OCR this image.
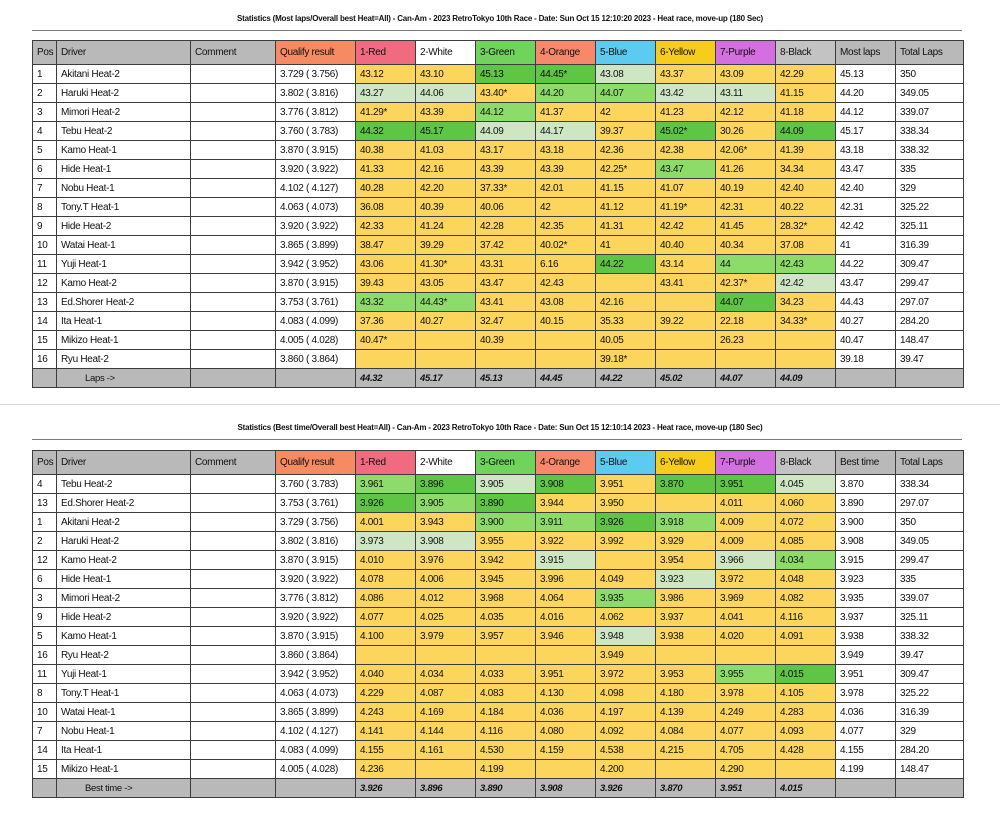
Statistics (Most laps/Overall best Heat=All) - Can-Am - 2023 RetroTokyo 10th Race - Date: Sun Oct 15 12:10:20 2023 - Heat race, move-up (180 Sec)
Pos	Driver	Comment	Qualify result	1-Red	2-White	3-Green	4-Orange	5-Blue	6-Yellow	7-Purple	8-Black	Most laps	Total Laps
1	Akitani Heat-2		3.729 ( 3.756)	43.12	43.10	45.13	44.45*	43.08	43.37	43.09	42.29	45.13	350
2	Haruki Heat-2		3.802 ( 3.816)	43.27	44.06	43.40*	44.20	44.07	43.42	43.11	41.15	44.20	349.05
3	Mimori Heat-2		3.776 ( 3.812)	41.29*	43.39	44.12	41.37	42	41.23	42.12	41.18	44.12	339.07
4	Tebu Heat-2		3.760 ( 3.783)	44.32	45.17	44.09	44.17	39.37	45.02*	30.26	44.09	45.17	338.34
5	Kamo Heat-1		3.870 ( 3.915)	40.38	41.03	43.17	43.18	42.36	42.38	42.06*	41.39	43.18	338.32
6	Hide Heat-1		3.920 ( 3.922)	41.33	42.16	43.39	43.39	42.25*	43.47	41.26	34.34	43.47	335
7	Nobu Heat-1		4.102 ( 4.127)	40.28	42.20	37.33*	42.01	41.15	41.07	40.19	42.40	42.40	329
8	Tony.T Heat-1		4.063 ( 4.073)	36.08	40.39	40.06	42	41.12	41.19*	42.31	40.22	42.31	325.22
9	Hide Heat-2		3.920 ( 3.922)	42.33	41.24	42.28	42.35	41.31	42.42	41.45	28.32*	42.42	325.11
10	Watai Heat-1		3.865 ( 3.899)	38.47	39.29	37.42	40.02*	41	40.40	40.34	37.08	41	316.39
11	Yuji Heat-1		3.942 ( 3.952)	43.06	41.30*	43.31	6.16	44.22	43.14	44	42.43	44.22	309.47
12	Kamo Heat-2		3.870 ( 3.915)	39.43	43.05	43.47	42.43		43.41	42.37*	42.42	43.47	299.47
13	Ed.Shorer Heat-2		3.753 ( 3.761)	43.32	44.43*	43.41	43.08	42.16		44.07	34.23	44.43	297.07
14	Ita Heat-1		4.083 ( 4.099)	37.36	40.27	32.47	40.15	35.33	39.22	22.18	34.33*	40.27	284.20
15	Mikizo Heat-1		4.005 ( 4.028)	40.47*		40.39		40.05		26.23		40.47	148.47
16	Ryu Heat-2		3.860 ( 3.864)					39.18*				39.18	39.47
	Laps ->			44.32	45.17	45.13	44.45	44.22	45.02	44.07	44.09		
Statistics (Best time/Overall best Heat=All) - Can-Am - 2023 RetroTokyo 10th Race - Date: Sun Oct 15 12:10:14 2023 - Heat race, move-up (180 Sec)
Pos	Driver	Comment	Qualify result	1-Red	2-White	3-Green	4-Orange	5-Blue	6-Yellow	7-Purple	8-Black	Best time	Total Laps
4	Tebu Heat-2		3.760 ( 3.783)	3.961	3.896	3.905	3.908	3.951	3.870	3.951	4.045	3.870	338.34
13	Ed.Shorer Heat-2		3.753 ( 3.761)	3.926	3.905	3.890	3.944	3.950		4.011	4.060	3.890	297.07
1	Akitani Heat-2		3.729 ( 3.756)	4.001	3.943	3.900	3.911	3.926	3.918	4.009	4.072	3.900	350
2	Haruki Heat-2		3.802 ( 3.816)	3.973	3.908	3.955	3.922	3.992	3.929	4.009	4.085	3.908	349.05
12	Kamo Heat-2		3.870 ( 3.915)	4.010	3.976	3.942	3.915		3.954	3.966	4.034	3.915	299.47
6	Hide Heat-1		3.920 ( 3.922)	4.078	4.006	3.945	3.996	4.049	3.923	3.972	4.048	3.923	335
3	Mimori Heat-2		3.776 ( 3.812)	4.086	4.012	3.968	4.064	3.935	3.986	3.969	4.082	3.935	339.07
9	Hide Heat-2		3.920 ( 3.922)	4.077	4.025	4.035	4.016	4.062	3.937	4.041	4.116	3.937	325.11
5	Kamo Heat-1		3.870 ( 3.915)	4.100	3.979	3.957	3.946	3.948	3.938	4.020	4.091	3.938	338.32
16	Ryu Heat-2		3.860 ( 3.864)					3.949				3.949	39.47
11	Yuji Heat-1		3.942 ( 3.952)	4.040	4.034	4.033	3.951	3.972	3.953	3.955	4.015	3.951	309.47
8	Tony.T Heat-1		4.063 ( 4.073)	4.229	4.087	4.083	4.130	4.098	4.180	3.978	4.105	3.978	325.22
10	Watai Heat-1		3.865 ( 3.899)	4.243	4.169	4.184	4.036	4.197	4.139	4.249	4.283	4.036	316.39
7	Nobu Heat-1		4.102 ( 4.127)	4.141	4.144	4.116	4.080	4.092	4.084	4.077	4.093	4.077	329
14	Ita Heat-1		4.083 ( 4.099)	4.155	4.161	4.530	4.159	4.538	4.215	4.705	4.428	4.155	284.20
15	Mikizo Heat-1		4.005 ( 4.028)	4.236		4.199		4.200		4.290		4.199	148.47
	Best time ->			3.926	3.896	3.890	3.908	3.926	3.870	3.951	4.015		
